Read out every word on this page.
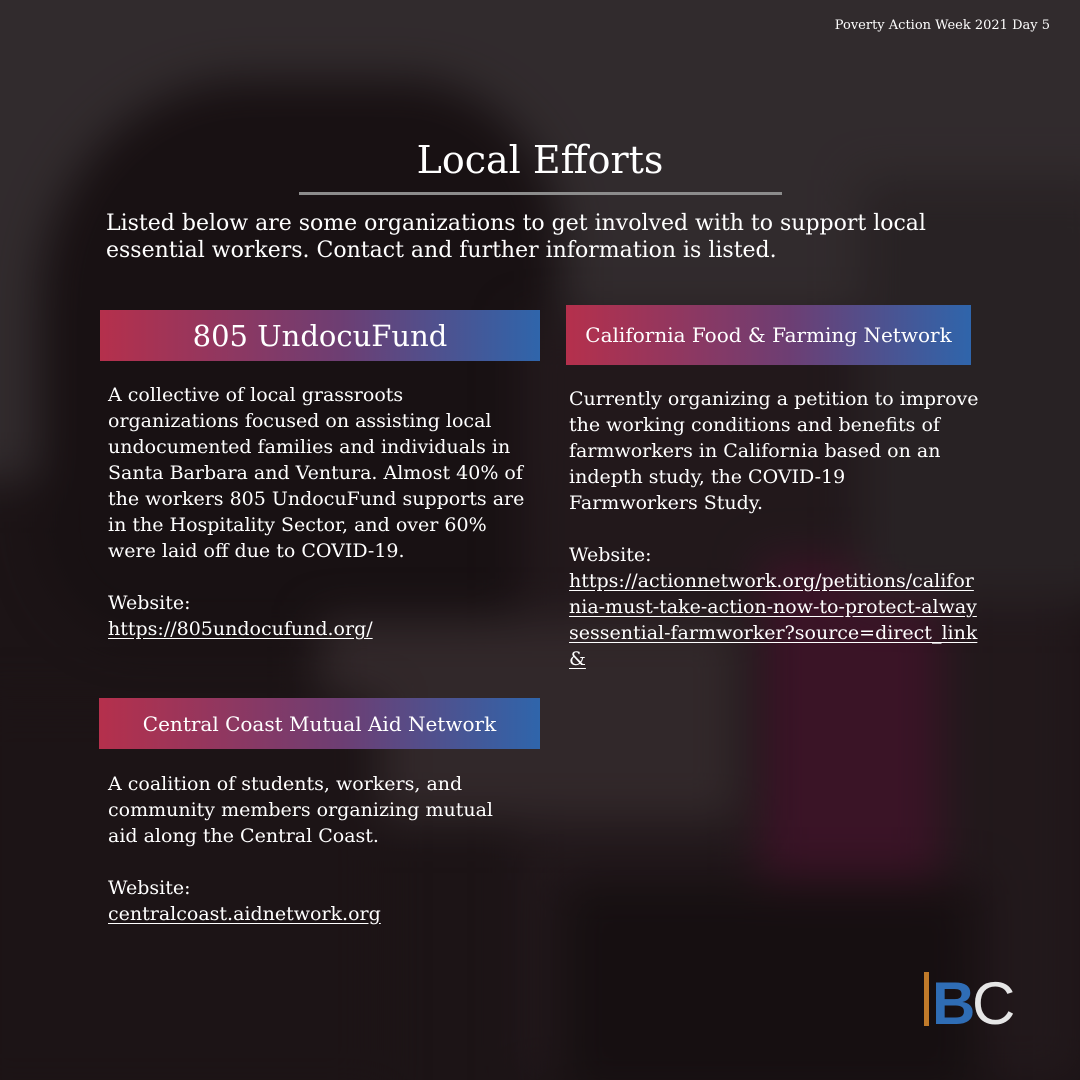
Poverty Action Week 2021 Day 5
Local Efforts

Listed below are some organizations to get involved with to support local essential workers. Contact and further information is listed.

805 UndocuFund

A collective of local grassroots organizations focused on assisting local undocumented families and individuals in Santa Barbara and Ventura. Almost 40% of the workers 805 UndocuFund supports are in the Hospitality Sector, and over 60% were laid off due to COVID-19.

Website:

https://805undocufund.org/
California Food & Farming Network

Currently organizing a petition to improve the working conditions and benefits of farmworkers in California based on an indepth study, the COVID-19 Farmworkers Study.

Website:

https://actionnetwork.org/petitions/california-must-take-action-now-to-protect-alwaysessential-farmworker?source=direct_link&
Central Coast Mutual Aid Network

A coalition of students, workers, and community members organizing mutual aid along the Central Coast.

Website:

centralcoast.aidnetwork.org
B
C
